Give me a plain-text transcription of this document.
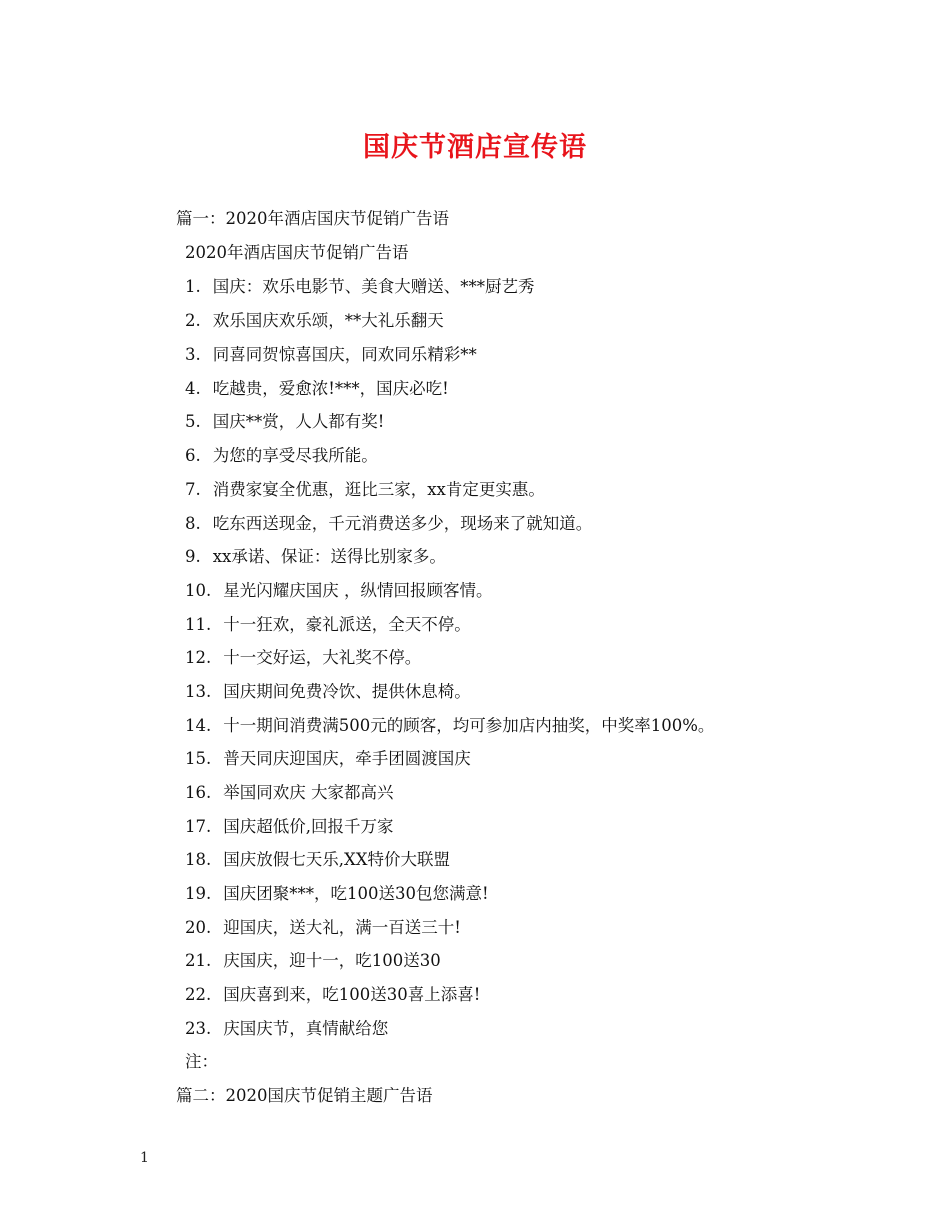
国庆节酒店宣传语
篇一：2020年酒店国庆节促销广告语
2020年酒店国庆节促销广告语
1. 国庆：欢乐电影节、美食大赠送、***厨艺秀
2. 欢乐国庆欢乐颂，**大礼乐翻天
3. 同喜同贺惊喜国庆，同欢同乐精彩**
4. 吃越贵，爱愈浓!***，国庆必吃!
5. 国庆**赏，人人都有奖!
6. 为您的享受尽我所能。
7. 消费家宴全优惠，逛比三家，xx肯定更实惠。
8. 吃东西送现金，千元消费送多少，现场来了就知道。
9. xx承诺、保证：送得比别家多。
10. 星光闪耀庆国庆 ，纵情回报顾客情。
11. 十一狂欢，豪礼派送，全天不停。
12. 十一交好运，大礼奖不停。
13. 国庆期间免费冷饮、提供休息椅。
14. 十一期间消费满500元的顾客，均可参加店内抽奖，中奖率100%。
15. 普天同庆迎国庆，牵手团圆渡国庆
16. 举国同欢庆 大家都高兴
17. 国庆超低价,回报千万家
18. 国庆放假七天乐,XX特价大联盟
19. 国庆团聚***，吃100送30包您满意!
20. 迎国庆，送大礼，满一百送三十!
21. 庆国庆，迎十一，吃100送30
22. 国庆喜到来，吃100送30喜上添喜!
23. 庆国庆节，真情献给您
注：
篇二：2020国庆节促销主题广告语
1
